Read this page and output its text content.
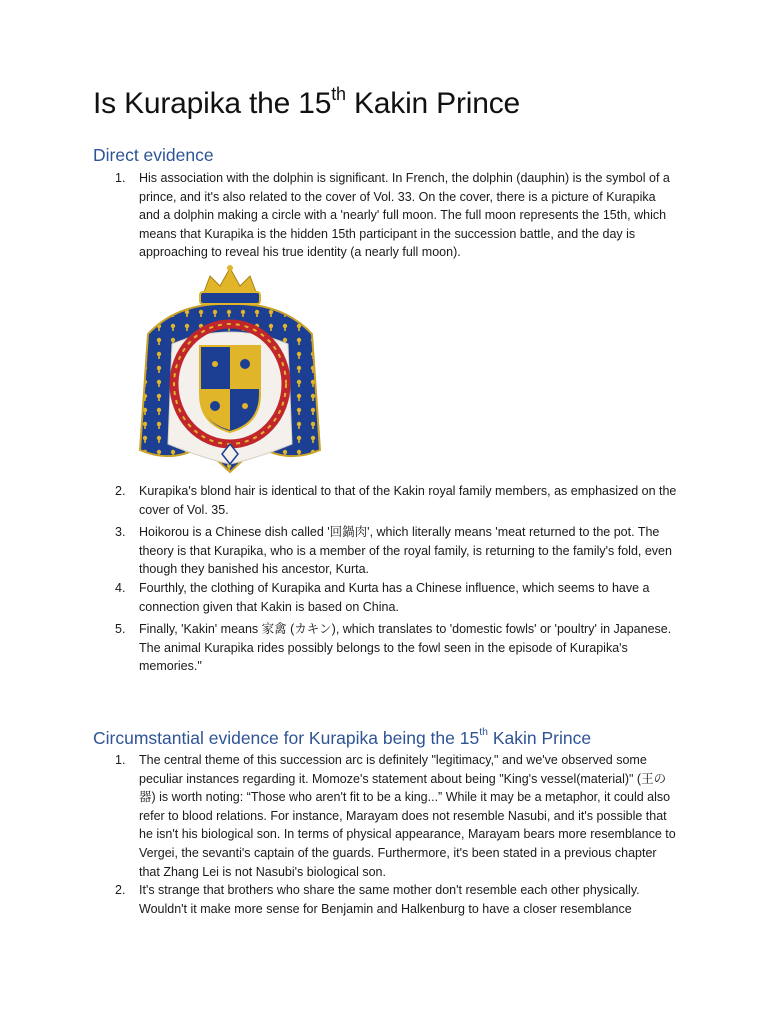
Is Kurapika the 15th Kakin Prince
Direct evidence
1. His association with the dolphin is significant. In French, the dolphin (dauphin) is the symbol of a prince, and it's also related to the cover of Vol. 33. On the cover, there is a picture of Kurapika and a dolphin making a circle with a 'nearly' full moon. The full moon represents the 15th, which means that Kurapika is the hidden 15th participant in the succession battle, and the day is approaching to reveal his true identity (a nearly full moon).
2. Kurapika's blond hair is identical to that of the Kakin royal family members, as emphasized on the cover of Vol. 35.
3. Hoikorou is a Chinese dish called '回鍋肉', which literally means 'meat returned to the pot. The theory is that Kurapika, who is a member of the royal family, is returning to the family's fold, even though they banished his ancestor, Kurta.
4. Fourthly, the clothing of Kurapika and Kurta has a Chinese influence, which seems to have a connection given that Kakin is based on China.
5. Finally, 'Kakin' means 家禽 (カキン), which translates to 'domestic fowls' or 'poultry' in Japanese. The animal Kurapika rides possibly belongs to the fowl seen in the episode of Kurapika's memories."
Circumstantial evidence for Kurapika being the 15th Kakin Prince
1. The central theme of this succession arc is definitely "legitimacy," and we've observed some peculiar instances regarding it. Momoze's statement about being "King's vessel(material)" (王の器) is worth noting: “Those who aren't fit to be a king...” While it may be a metaphor, it could also refer to blood relations. For instance, Marayam does not resemble Nasubi, and it's possible that he isn't his biological son. In terms of physical appearance, Marayam bears more resemblance to Vergei, the sevanti's captain of the guards. Furthermore, it's been stated in a previous chapter that Zhang Lei is not Nasubi's biological son.
2. It's strange that brothers who share the same mother don't resemble each other physically. Wouldn't it make more sense for Benjamin and Halkenburg to have a closer resemblance
